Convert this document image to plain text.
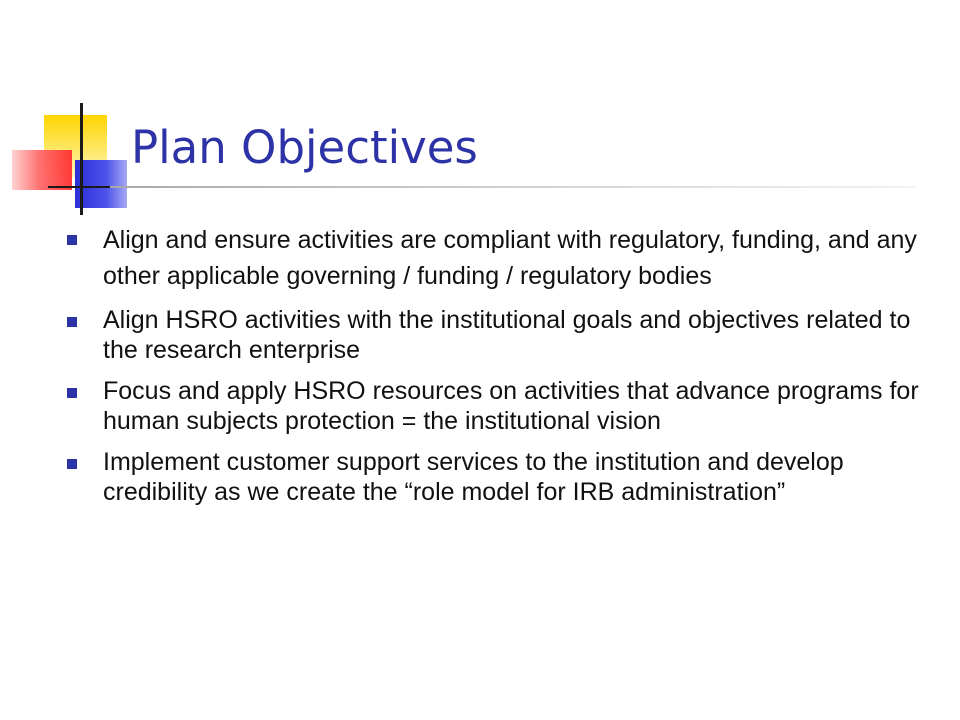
Plan Objectives
Align and ensure activities are compliant with regulatory, funding, and any other applicable governing / funding / regulatory bodies
Align HSRO activities with the institutional goals and objectives related to the research enterprise
Focus and apply HSRO resources on activities that advance programs for human subjects protection = the institutional vision
Implement customer support services to the institution and develop credibility as we create the “role model for IRB administration”
